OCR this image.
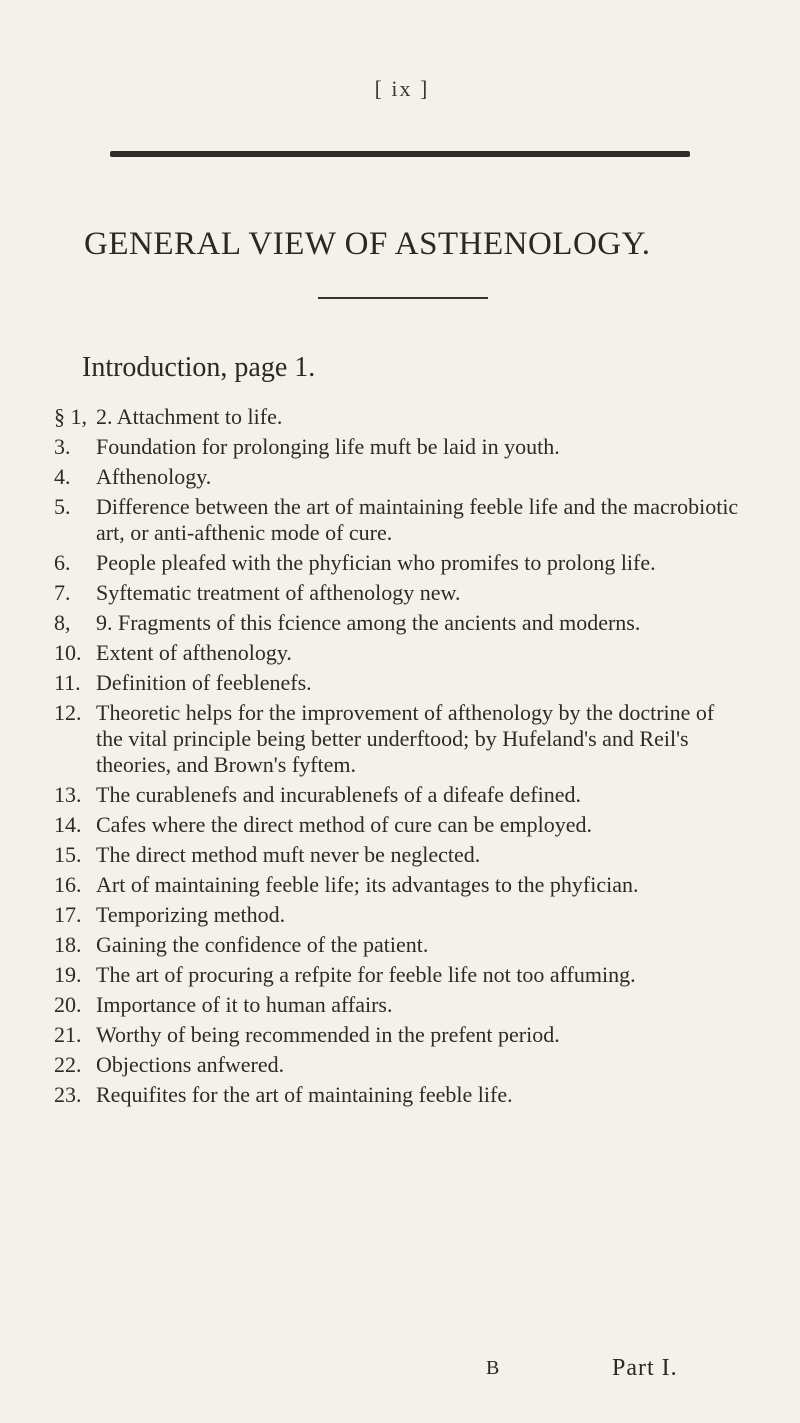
[ ix ]
GENERAL VIEW OF ASTHENOLOGY.
Introduction, page 1.
§ 1, 2. Attachment to life.
3.	Foundation for prolonging life muft be laid in youth.
4.	Afthenology.
5.	Difference between the art of maintaining feeble life and the macrobiotic art, or anti-afthenic mode of cure.
6.	People pleafed with the phyfician who promifes to prolong life.
7.	Syftematic treatment of afthenology new.
8,	9. Fragments of this fcience among the ancients and moderns.
10. Extent of afthenology.
11. Definition of feeblenefs.
12. Theoretic helps for the improvement of afthenology by the doctrine of the vital principle being better underftood; by Hufeland's and Reil's theories, and Brown's fyftem.
13. The curablenefs and incurablenefs of a difeafe defined.
14. Cafes where the direct method of cure can be employed.
15. The direct method muft never be neglected.
16. Art of maintaining feeble life; its advantages to the phyfician.
17. Temporizing method.
18. Gaining the confidence of the patient.
19. The art of procuring a refpite for feeble life not too affuming.
20. Importance of it to human affairs.
21. Worthy of being recommended in the prefent period.
22. Objections anfwered.
23. Requifites for the art of maintaining feeble life.
B	Part I.
